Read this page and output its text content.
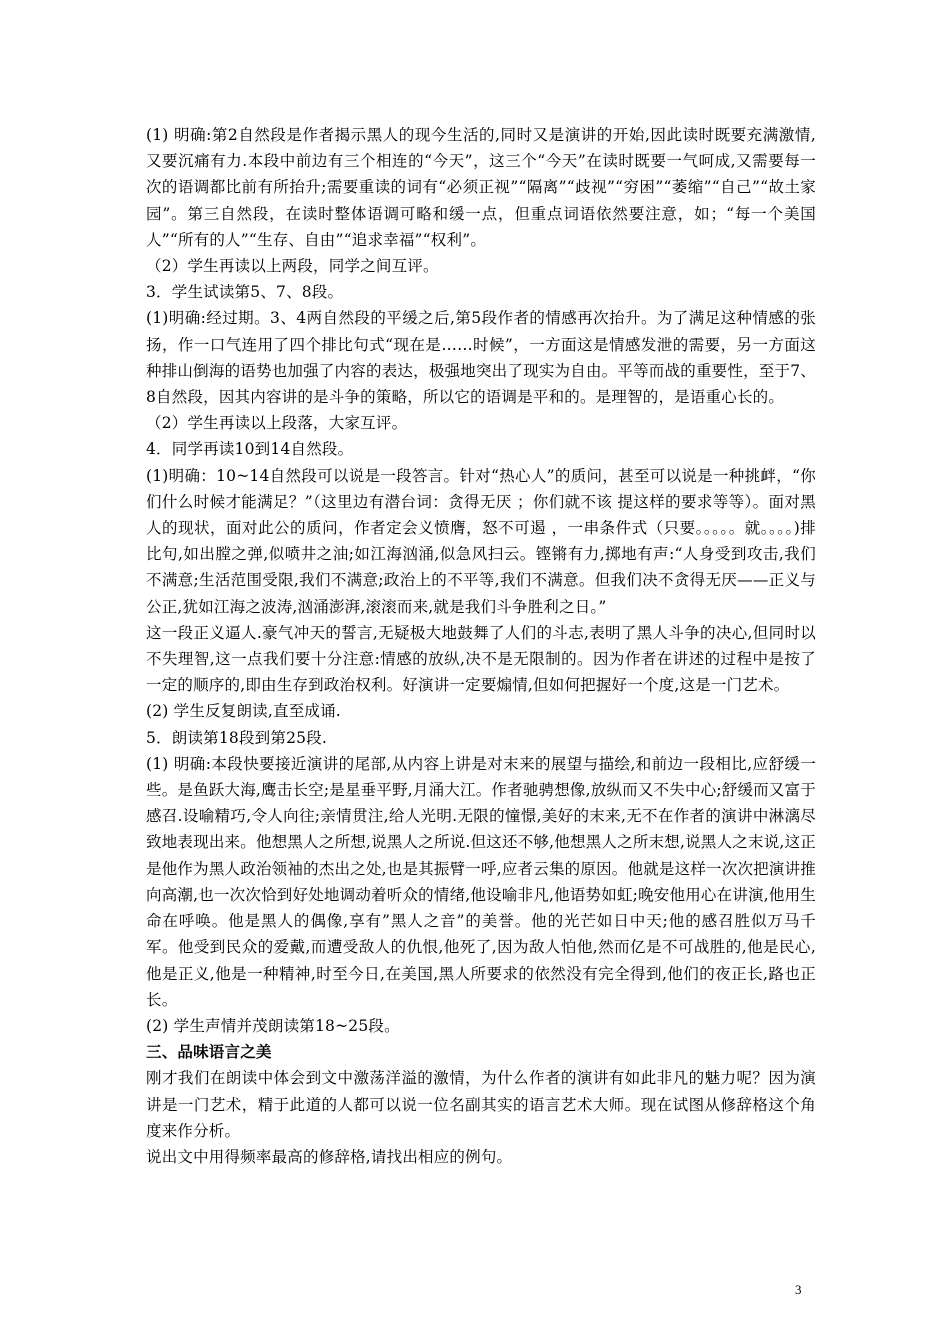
(1) 明确:第2自然段是作者揭示黑人的现今生活的,同时又是演讲的开始,因此读时既要充满激情,又要沉痛有力.本段中前边有三个相连的“今天”，这三个“今天”在读时既要一气呵成,又需要每一次的语调都比前有所抬升;需要重读的词有“必须正视”“隔离”“歧视”“穷困”“萎缩”“自己”“故土家园”。第三自然段，在读时整体语调可略和缓一点，但重点词语依然要注意，如；“每一个美国 人”“所有的人”“生存、自由”“追求幸福”“权利”。

（2）学生再读以上两段，同学之间互评。

3．学生试读第5、7、8段。

(1)明确:经过期。3、4两自然段的平缓之后,第5段作者的情感再次抬升。为了满足这种情感的张扬，作一口气连用了四个排比句式“现在是……时候”，一方面这是情感发泄的需要，另一方面这种排山倒海的语势也加强了内容的表达，极强地突出了现实为自由。平等而战的重要性，至于7、8自然段，因其内容讲的是斗争的策略，所以它的语调是平和的。是理智的，是语重心长的。

（2）学生再读以上段落，大家互评。

4．同学再读10到14自然段。

(1)明确：10~14自然段可以说是一段答言。针对“热心人”的质问，甚至可以说是一种挑衅，“你们什么时候才能满足？”（这里边有潜台词：贪得无厌 ；你们就不该 提这样的要求等等）。面对黑人的现状，面对此公的质问，作者定会义愤膺，怒不可遏 ，一串条件式（只要。。。。。就。。。。)排比句,如出膛之弹,似喷井之油;如江海汹涌,似急风扫云。铿锵有力,掷地有声:“人身受到攻击,我们不满意;生活范围受限,我们不满意;政治上的不平等,我们不满意。但我们决不贪得无厌——正义与公正,犹如江海之波涛,汹涌澎湃,滚滚而来,就是我们斗争胜利之日。”

这一段正义逼人.豪气冲天的誓言,无疑极大地鼓舞了人们的斗志,表明了黑人斗争的决心,但同时以不失理智,这一点我们要十分注意:情感的放纵,决不是无限制的。因为作者在讲述的过程中是按了一定的顺序的,即由生存到政治权利。好演讲一定要煽情,但如何把握好一个度,这是一门艺术。

(2) 学生反复朗读,直至成诵.

5．朗读第18段到第25段.

(1) 明确:本段快要接近演讲的尾部,从内容上讲是对末来的展望与描绘,和前边一段相比,应舒缓一些。是鱼跃大海,鹰击长空;是星垂平野,月涌大江。作者驰骋想像,放纵而又不失中心;舒缓而又富于感召.设喻精巧,令人向往;亲情贯注,给人光明.无限的憧憬,美好的末来,无不在作者的演讲中淋漓尽致地表现出来。他想黑人之所想,说黑人之所说.但这还不够,他想黑人之所末想,说黑人之末说,这正是他作为黑人政治领袖的杰出之处,也是其振臂一呼,应者云集的原因。他就是这样一次次把演讲推向高潮,也一次次恰到好处地调动着听众的情绪,他设喻非凡,他语势如虹;晚安他用心在讲演,他用生命在呼唤。他是黑人的偶像,享有”黑人之音”的美誉。他的光芒如日中天;他的感召胜似万马千军。他受到民众的爱戴,而遭受敌人的仇恨,他死了,因为敌人怕他,然而亿是不可战胜的,他是民心,他是正义,他是一种精神,时至今日,在美国,黑人所要求的依然没有完全得到,他们的夜正长,路也正长。

(2) 学生声情并茂朗读第18~25段。

三、品味语言之美

刚才我们在朗读中体会到文中激荡洋溢的激情，为什么作者的演讲有如此非凡的魅力呢？因为演讲是一门艺术，精于此道的人都可以说一位名副其实的语言艺术大师。现在试图从修辞格这个角度来作分析。

说出文中用得频率最高的修辞格,请找出相应的例句。

3
